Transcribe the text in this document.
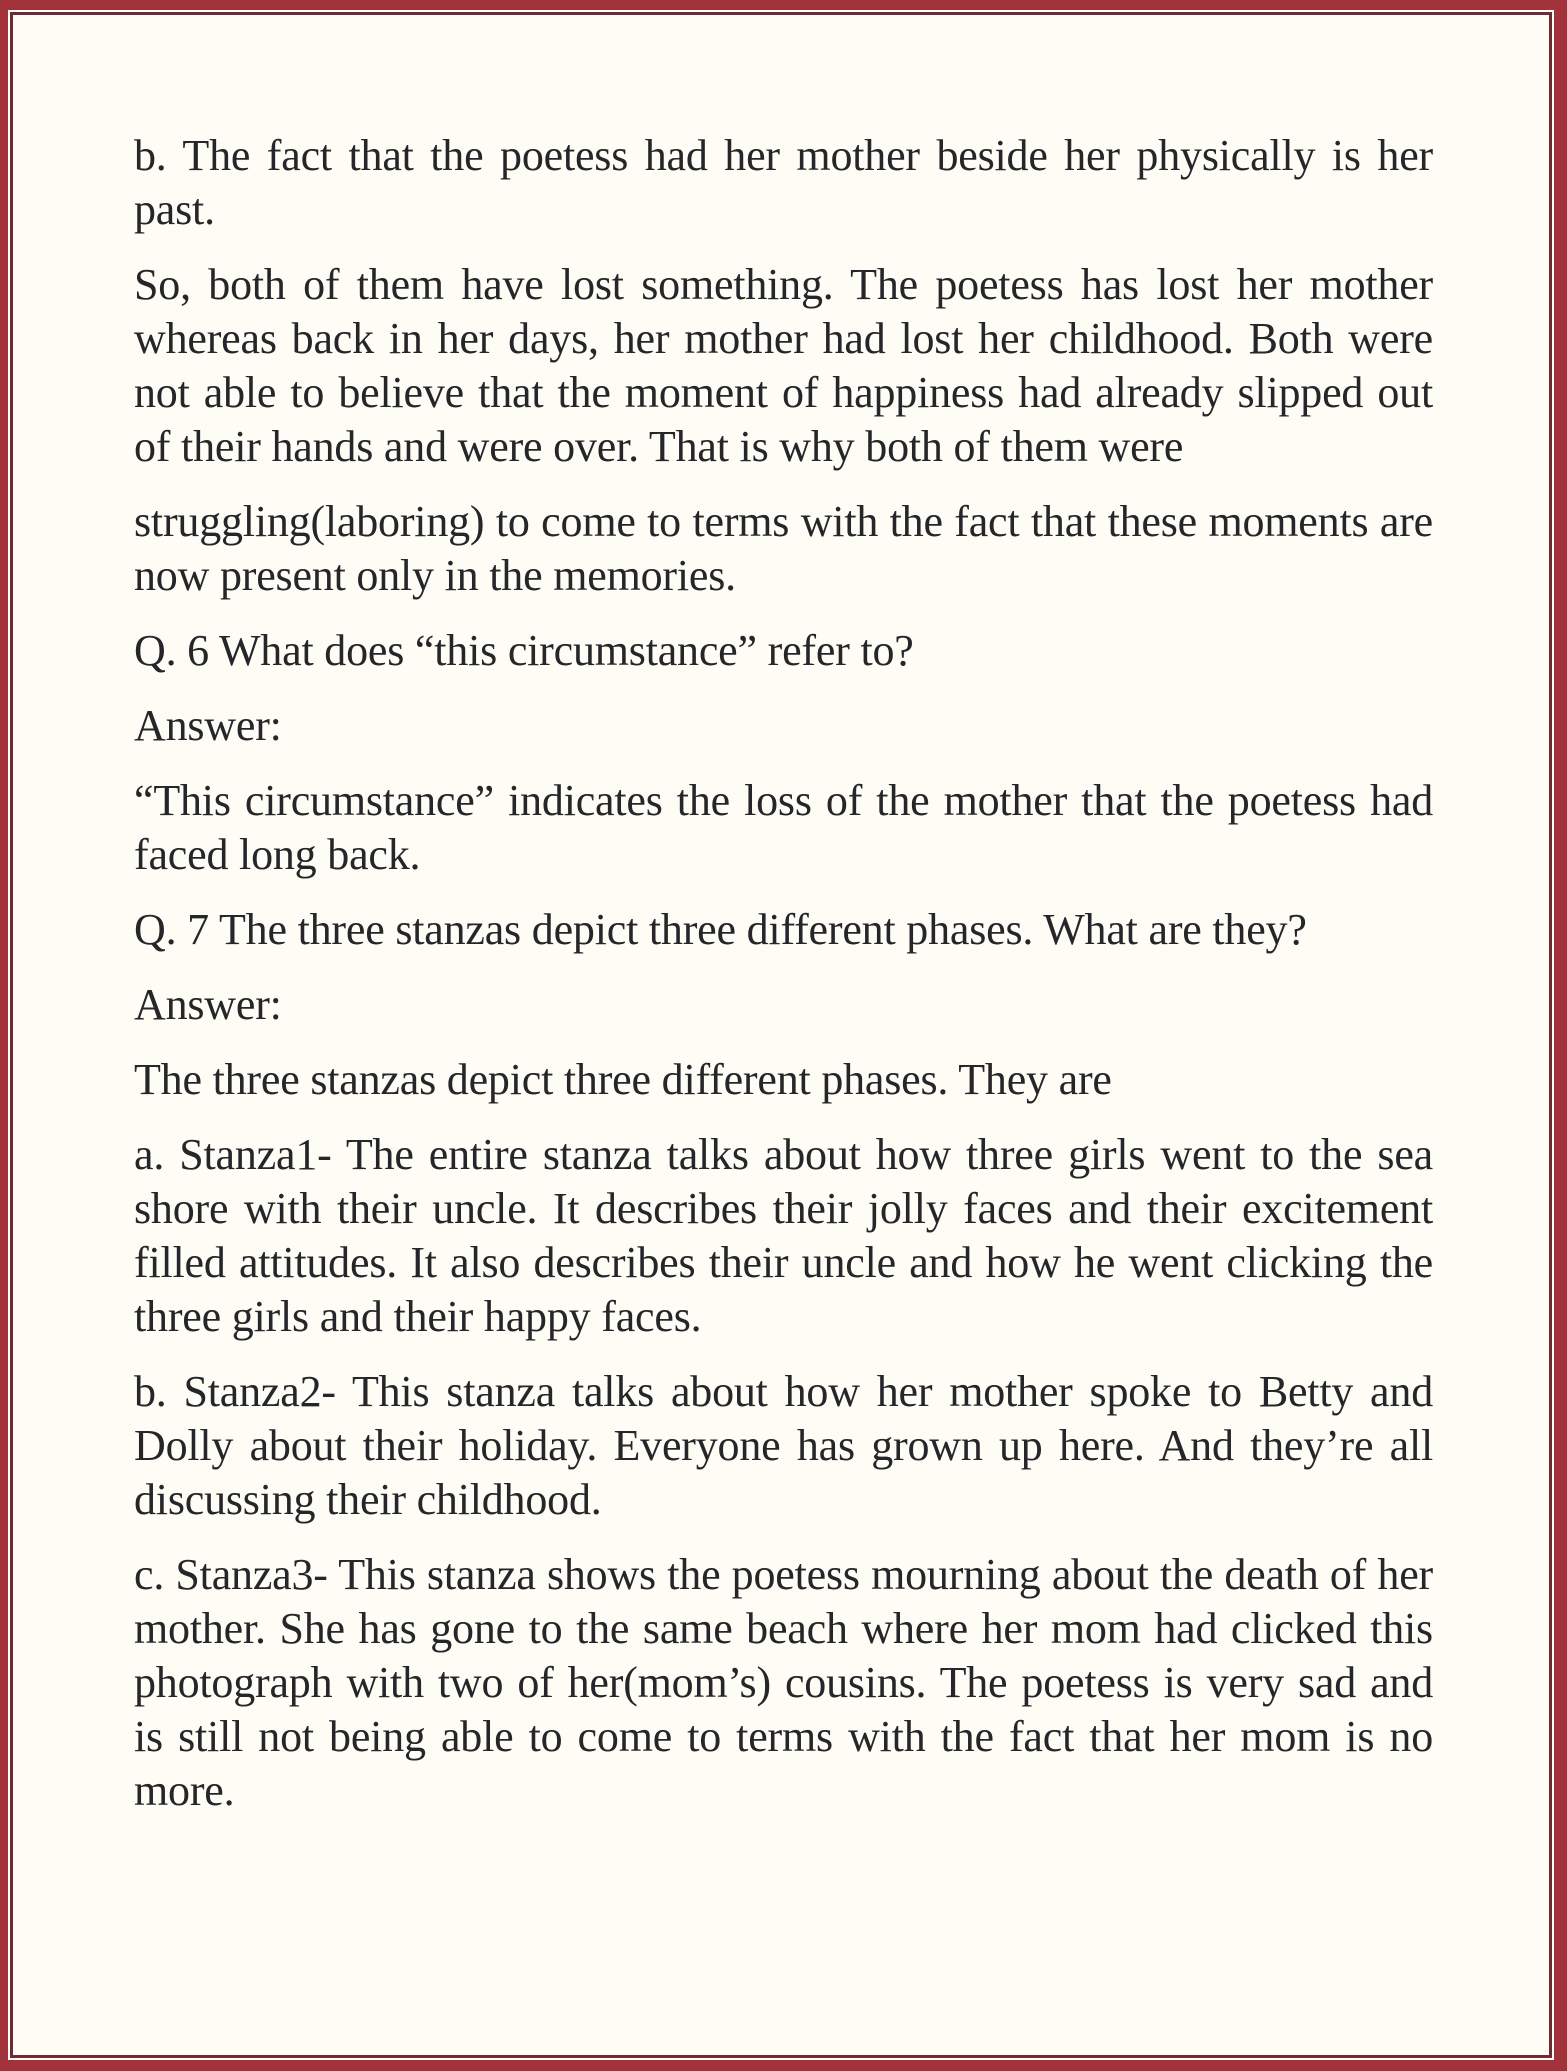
b. The fact that the poetess had her mother beside her physically is her past.

So, both of them have lost something. The poetess has lost her mother whereas back in her days, her mother had lost her childhood. Both were not able to believe that the moment of happiness had already slipped out of their hands and were over. That is why both of them were

struggling(laboring) to come to terms with the fact that these moments are now present only in the memories.

Q. 6 What does “this circumstance” refer to?

Answer:

“This circumstance” indicates the loss of the mother that the poetess had faced long back.

Q. 7 The three stanzas depict three different phases. What are they?

Answer:

The three stanzas depict three different phases. They are

a. Stanza1- The entire stanza talks about how three girls went to the sea shore with their uncle. It describes their jolly faces and their excitement filled attitudes. It also describes their uncle and how he went clicking the three girls and their happy faces.

b. Stanza2- This stanza talks about how her mother spoke to Betty and Dolly about their holiday. Everyone has grown up here. And they’re all discussing their childhood.

c. Stanza3- This stanza shows the poetess mourning about the death of her mother. She has gone to the same beach where her mom had clicked this photograph with two of her(mom’s) cousins. The poetess is very sad and is still not being able to come to terms with the fact that her mom is no more.
